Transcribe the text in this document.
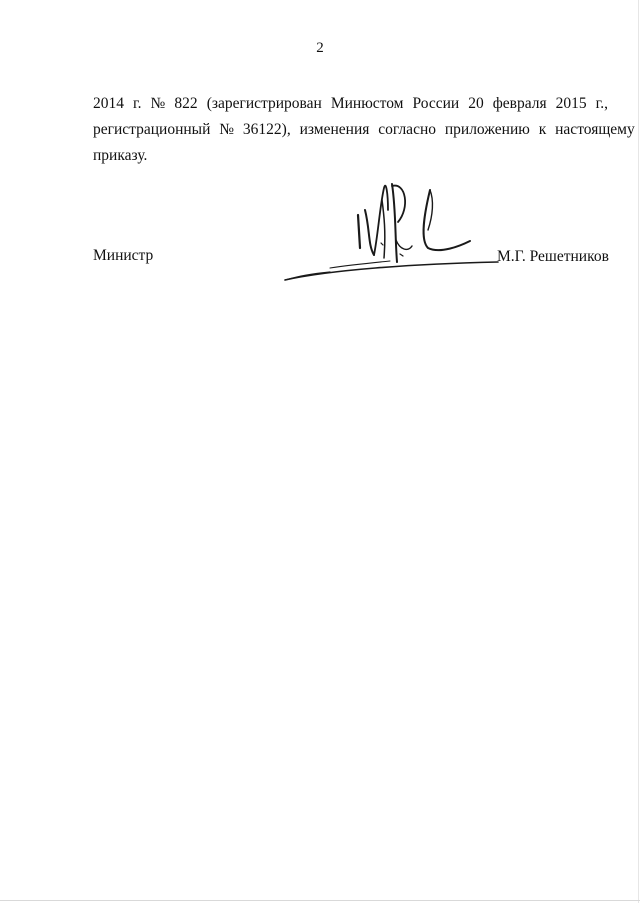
2
2014 г. № 822 (зарегистрирован Минюстом России 20 февраля 2015 г.,
регистрационный № 36122), изменения согласно приложению к настоящему
приказу.
Министр	М.Г. Решетников
